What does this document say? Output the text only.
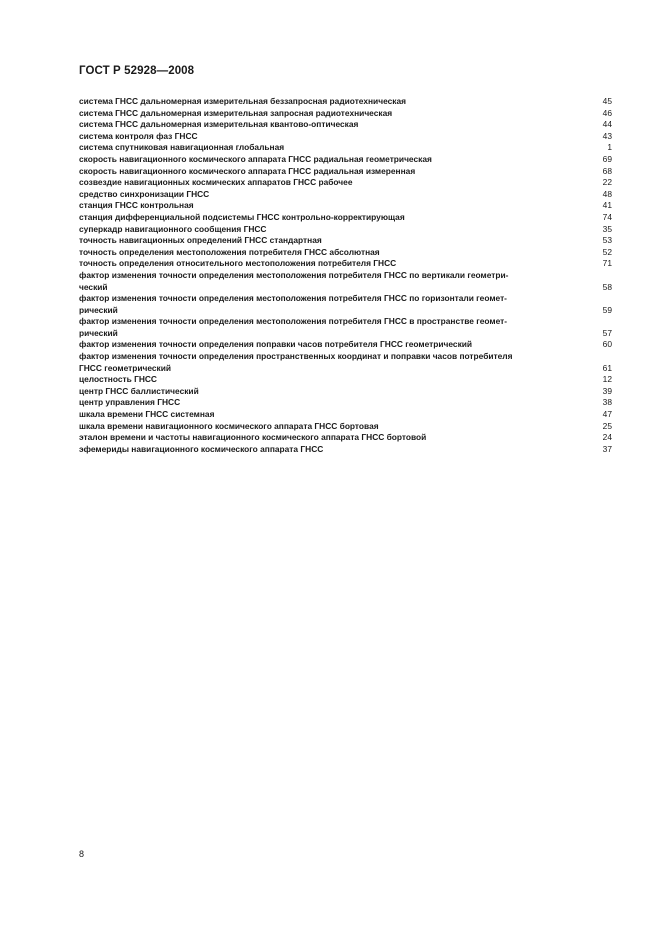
ГОСТ Р 52928—2008
система ГНСС дальномерная измерительная беззапросная радиотехническая	45
система ГНСС дальномерная измерительная запросная радиотехническая	46
система ГНСС дальномерная измерительная квантово-оптическая	44
система контроля фаз ГНСС	43
система спутниковая навигационная глобальная	1
скорость навигационного космического аппарата ГНСС радиальная геометрическая	69
скорость навигационного космического аппарата ГНСС радиальная измеренная	68
созвездие навигационных космических аппаратов ГНСС рабочее	22
средство синхронизации ГНСС	48
станция ГНСС контрольная	41
станция дифференциальной подсистемы ГНСС контрольно-корректирующая	74
суперкадр навигационного сообщения ГНСС	35
точность навигационных определений ГНСС стандартная	53
точность определения местоположения потребителя ГНСС абсолютная	52
точность определения относительного местоположения потребителя ГНСС	71
фактор изменения точности определения местоположения потребителя ГНСС по вертикали геометри-
ческий	58
фактор изменения точности определения местоположения потребителя ГНСС по горизонтали геомет-
рический	59
фактор изменения точности определения местоположения потребителя ГНСС в пространстве геомет-
рический	57
фактор изменения точности определения поправки часов потребителя ГНСС геометрический	60
фактор изменения точности определения пространственных координат и поправки часов потребителя
ГНСС геометрический	61
целостность ГНСС	12
центр ГНСС баллистический	39
центр управления ГНСС	38
шкала времени ГНСС системная	47
шкала времени навигационного космического аппарата ГНСС бортовая	25
эталон времени и частоты навигационного космического аппарата ГНСС бортовой	24
эфемериды навигационного космического аппарата ГНСС	37
8
